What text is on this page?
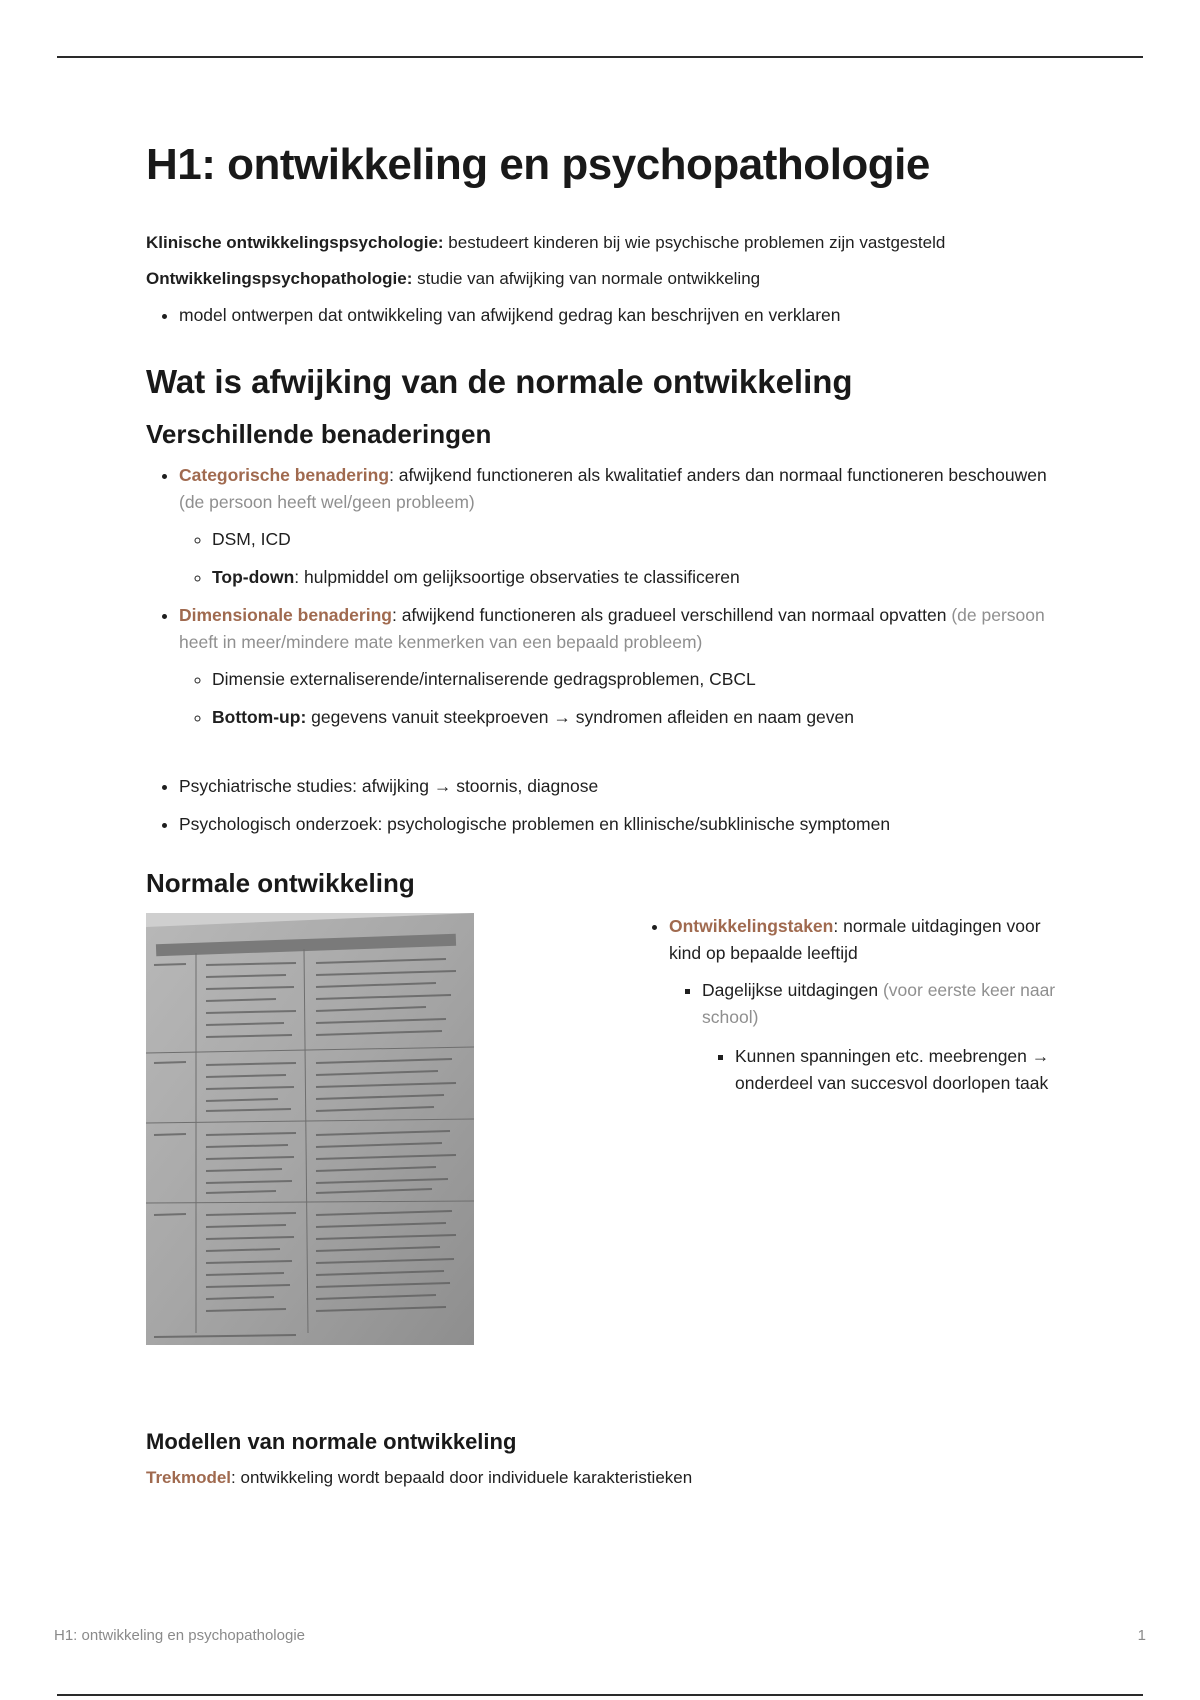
H1: ontwikkeling en psychopathologie

Klinische ontwikkelingspsychologie: bestudeert kinderen bij wie psychische problemen zijn vastgesteld

Ontwikkelingspsychopathologie: studie van afwijking van normale ontwikkeling

• model ontwerpen dat ontwikkeling van afwijkend gedrag kan beschrijven en verklaren
Wat is afwijking van de normale ontwikkeling
Verschillende benaderingen
• Categorische benadering: afwijkend functioneren als kwalitatief anders dan normaal functioneren beschouwen (de persoon heeft wel/geen probleem)
◦ DSM, ICD
◦ Top-down: hulpmiddel om gelijksoortige observaties te classificeren
• Dimensionale benadering: afwijkend functioneren als gradueel verschillend van normaal opvatten (de persoon heeft in meer/mindere mate kenmerken van een bepaald probleem)
◦ Dimensie externaliserende/internaliserende gedragsproblemen, CBCL
◦ Bottom-up: gegevens vanuit steekproeven → syndromen afleiden en naam geven
• Psychiatrische studies: afwijking → stoornis, diagnose
• Psychologisch onderzoek: psychologische problemen en kllinische/subklinische symptomen
Normale ontwikkeling
• Ontwikkelingstaken: normale uitdagingen voor kind op bepaalde leeftijd
▪ Dagelijkse uitdagingen (voor eerste keer naar school)
▪ Kunnen spanningen etc. meebrengen → onderdeel van succesvol doorlopen taak
Modellen van normale ontwikkeling

Trekmodel: ontwikkeling wordt bepaald door individuele karakteristieken

H1: ontwikkeling en psychopathologie	1
